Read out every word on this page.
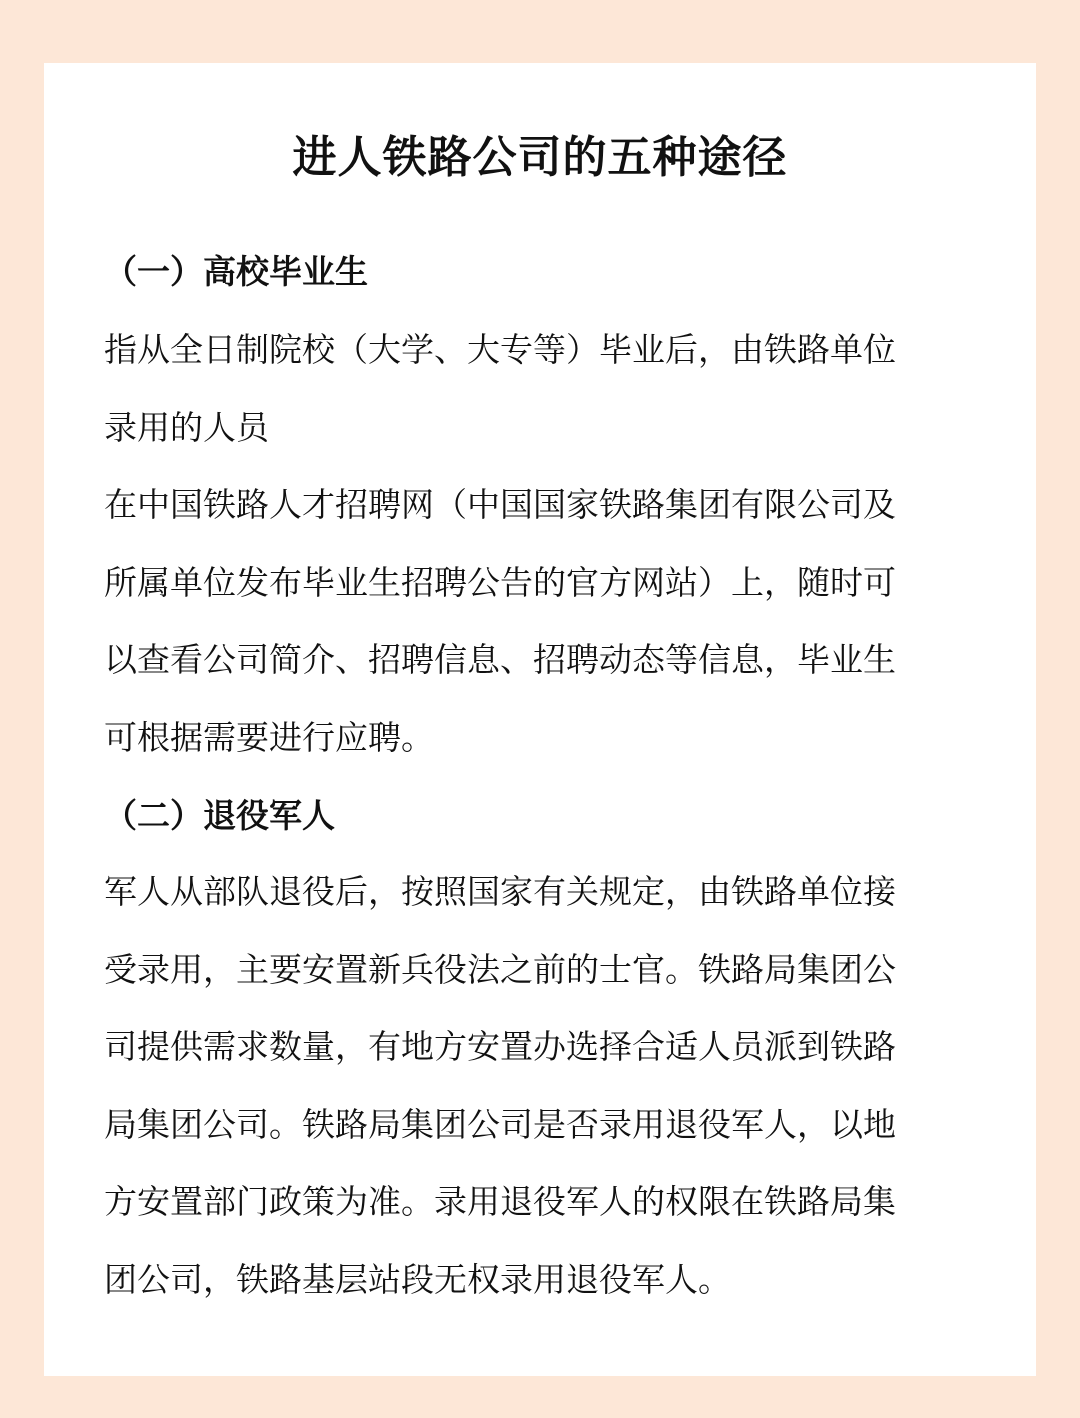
进人铁路公司的五种途径
（一）高校毕业生

指从全日制院校（大学、大专等）毕业后，由铁路单位
录用的人员

在中国铁路人才招聘网（中国国家铁路集团有限公司及
所属单位发布毕业生招聘公告的官方网站）上，随时可
以查看公司简介、招聘信息、招聘动态等信息，毕业生
可根据需要进行应聘。

（二）退役军人

军人从部队退役后，按照国家有关规定，由铁路单位接
受录用，主要安置新兵役法之前的士官。铁路局集团公
司提供需求数量，有地方安置办选择合适人员派到铁路
局集团公司。铁路局集团公司是否录用退役军人，以地
方安置部门政策为准。录用退役军人的权限在铁路局集
团公司，铁路基层站段无权录用退役军人。
